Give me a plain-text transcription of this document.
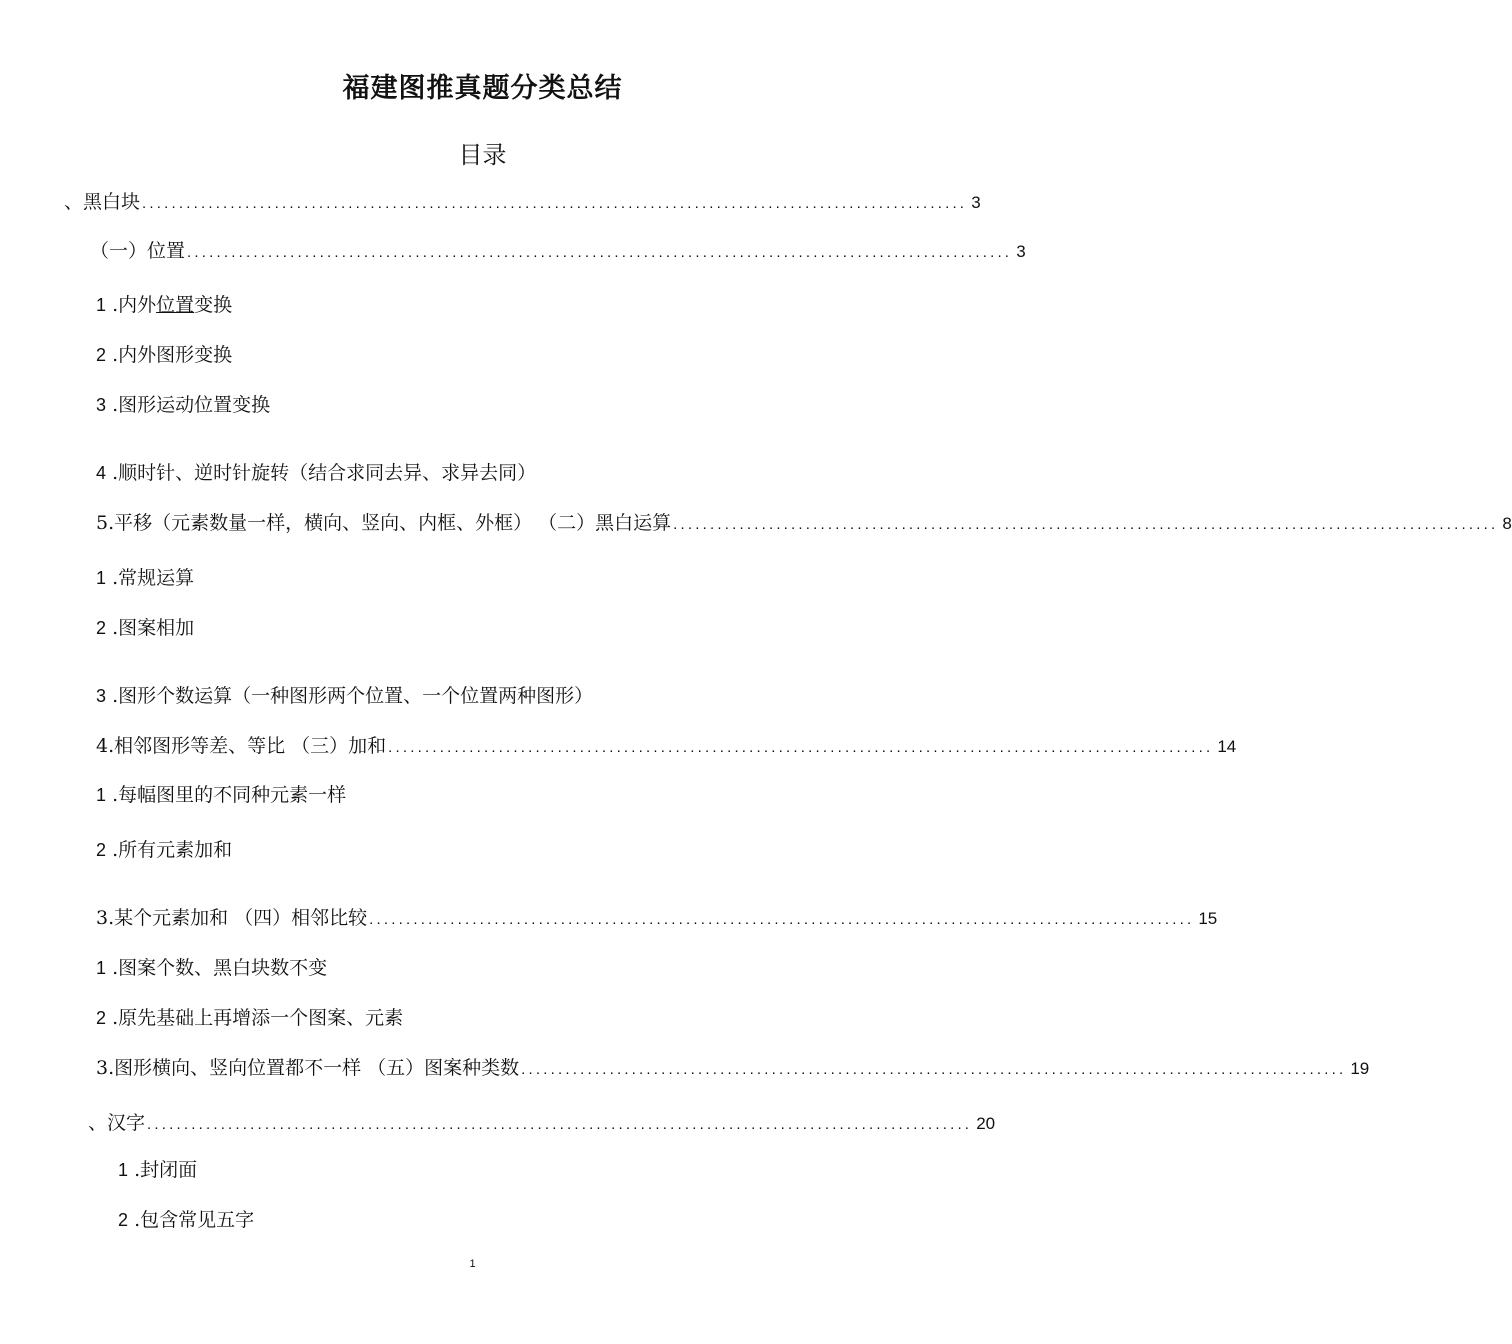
福建图推真题分类总结
目录
、黑白块 ................................................................................................................ 3
（一）位置 ................................................................................................................ 3
1
.内外 位置 变换
2
.内外图形变换
3
.图形运动位置变换
4
.顺时针、逆时针旋转（结合求同去异、求异去同）
5.平移（元素数量一样，横向、竖向、内框、外框） （二）黑白运算 ................................................................................................................ 8
1
.常规运算
2
.图案相加
3
.图形个数运算（一种图形两个位置、一个位置两种图形）
4.相邻图形等差、等比 （三）加和 ................................................................................................................ 14
1
.每幅图里的不同种元素一样
2
.所有元素加和
3.某个元素加和 （四）相邻比较 ................................................................................................................ 15
1
.图案个数、黑白块数不变
2
.原先基础上再增添一个图案、元素
3.图形横向、竖向位置都不一样 （五）图案种类数 ................................................................................................................ 19
、汉字 ................................................................................................................ 20
1
.封闭面
2
.包含常见五字
1
